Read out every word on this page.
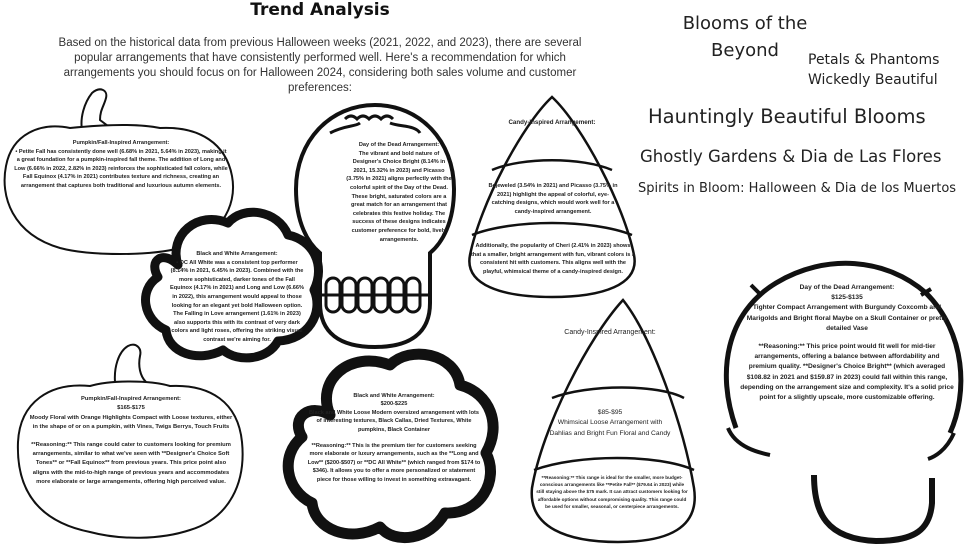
Trend Analysis
Based on the historical data from previous Halloween weeks (2021, 2022, and 2023), there are several popular arrangements that have consistently performed well. Here's a recommendation for which arrangements you should focus on for Halloween 2024, considering both sales volume and customer preferences:
Blooms of the Beyond	Petals & Phantoms
Wickedly Beautiful
Hauntingly Beautiful Blooms
Ghostly Gardens & Dia de Las Flores
Spirits in Bloom: Halloween & Dia de los Muertos

Pumpkin/Fall-Inspired Arrangement:

• Petite Fall has consistently done well (6.68% in 2021, 5.64% in 2023), making it a great foundation for a pumpkin-inspired fall theme. The addition of Long and Low (6.66% in 2022, 2.82% in 2023) reinforces the sophisticated fall colors, while Fall Equinox (4.17% in 2021) contributes texture and richness, creating an arrangement that captures both traditional and luxurious autumn elements.

Day of the Dead Arrangement:

The vibrant and bold nature of Designer's Choice Bright (8.14% in 2021, 15.32% in 2023) and Picasso (3.75% in 2021) aligns perfectly with the colorful spirit of the Day of the Dead. These bright, saturated colors are a great match for an arrangement that celebrates this festive holiday. The success of these designs indicates customer preference for bold, lively arrangements.

Candy-Inspired Arrangement:
Bejeweled (3.54% in 2021) and Picasso (3.75% in 2021) highlight the appeal of colorful, eye-catching designs, which would work well for a candy-inspired arrangement.
Additionally, the popularity of Cheri (2.41% in 2023) shows that a smaller, bright arrangement with fun, vibrant colors is a consistent hit with customers. This aligns well with the playful, whimsical theme of a candy-inspired design.

Black and White Arrangement:

• DC All White was a consistent top performer (8.14% in 2021, 6.45% in 2023). Combined with the more sophisticated, darker tones of the Fall Equinox (4.17% in 2021) and Long and Low (6.66% in 2022), this arrangement would appeal to those looking for an elegant yet bold Halloween option. The Falling in Love arrangement (1.61% in 2023) also supports this with its contrast of very dark colors and light roses, offering the striking visual contrast we're aiming for.

Pumpkin/Fall-Inspired Arrangement:

$165-$175

Moody Floral with Orange Highlights Compact with Loose textures, either in the shape of or on a pumpkin, with Vines, Twigs Berrys, Touch Fruits

**Reasoning:** This range could cater to customers looking for premium arrangements, similar to what we've seen with **Designer's Choice Soft Tones** or **Fall Equinox** from previous years. This price point also aligns with the mid-to-high range of previous years and accommodates more elaborate or large arrangements, offering high perceived value.

Black and White Arrangement:

$200-$225

Black and White Loose Modern oversized arrangement with lots of interesting textures, Black Callas, Dried Textures, White pumpkins, Black Container

**Reasoning:** This is the premium tier for customers seeking more elaborate or luxury arrangements, such as the **Long and Low** ($200-$507) or **DC All White** (which ranged from $174 to $346). It allows you to offer a more personalized or statement piece for those willing to invest in something extravagant.

Candy-Inspired Arrangement:

$85-$95

Whimsical Loose Arrangement with Dahlias and Bright Fun Floral and Candy

**Reasoning:** This range is ideal for the smaller, more budget-conscious arrangements like **Petite Fall** ($79.64 in 2023) while still staying above the $75 mark. It can attract customers looking for affordable options without compromising quality. This range could be used for smaller, seasonal, or centerpiece arrangements.

Day of the Dead Arrangement:

$125-$135

Tighter Compact Arrangement with Burgundy Coxcomb and Marigolds and Bright floral Maybe on a Skull Container or pretty detailed Vase

**Reasoning:** This price point would fit well for mid-tier arrangements, offering a balance between affordability and premium quality. **Designer's Choice Bright** (which averaged $108.82 in 2021 and $159.87 in 2023) could fall within this range, depending on the arrangement size and complexity. It's a solid price point for a slightly upscale, more customizable offering.
